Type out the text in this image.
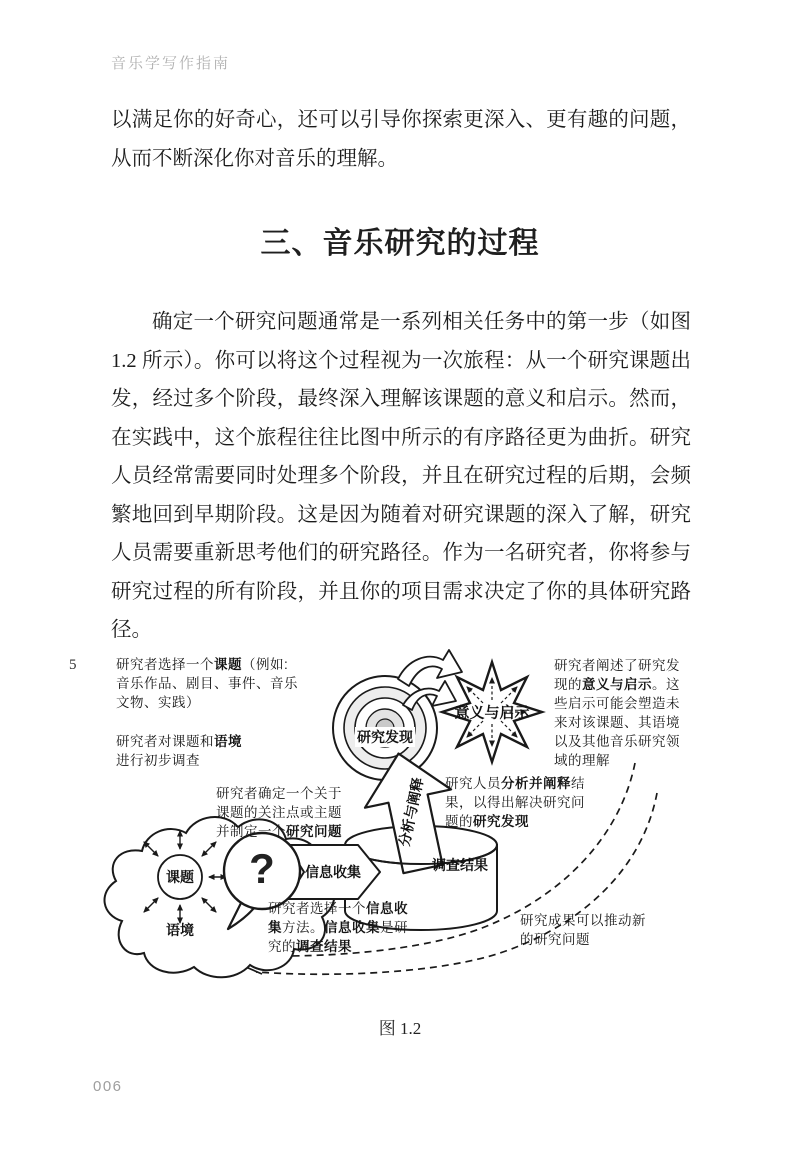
音乐学写作指南
以满足你的好奇心，还可以引导你探索更深入、更有趣的问题，从而不断深化你对音乐的理解。
三、音乐研究的过程
确定一个研究问题通常是一系列相关任务中的第一步（如图 1.2 所示）。你可以将这个过程视为一次旅程：从一个研究课题出发，经过多个阶段，最终深入理解该课题的意义和启示。然而，在实践中，这个旅程往往比图中所示的有序路径更为曲折。研究人员经常需要同时处理多个阶段，并且在研究过程的后期，会频繁地回到早期阶段。这是因为随着对研究课题的深入了解，研究人员需要重新思考他们的研究路径。作为一名研究者，你将参与研究过程的所有阶段，并且你的项目需求决定了你的具体研究路径。
5	研究者选择一个课题（例如:
音乐作品、剧目、事件、音乐
文物、实践）
研究者对课题和语境
进行初步调查
研究者阐述了研究发
现的意义与启示。这
些启示可能会塑造未
来对该课题、其语境
以及其他音乐研究领
域的理解
研究人员分析并阐释结
果，以得出解决研究问
题的研究发现
研究者确定一个关于
课题的关注点或主题
并制定一个研究问题
研究者选择一个信息收
集方法。信息收集是研
究的调查结果
研究成果可以推动新
的研究问题
研究发现
意义与启示
分析与阐释
信息收集	调查结果
课题
语境
?
图 1.2
006
